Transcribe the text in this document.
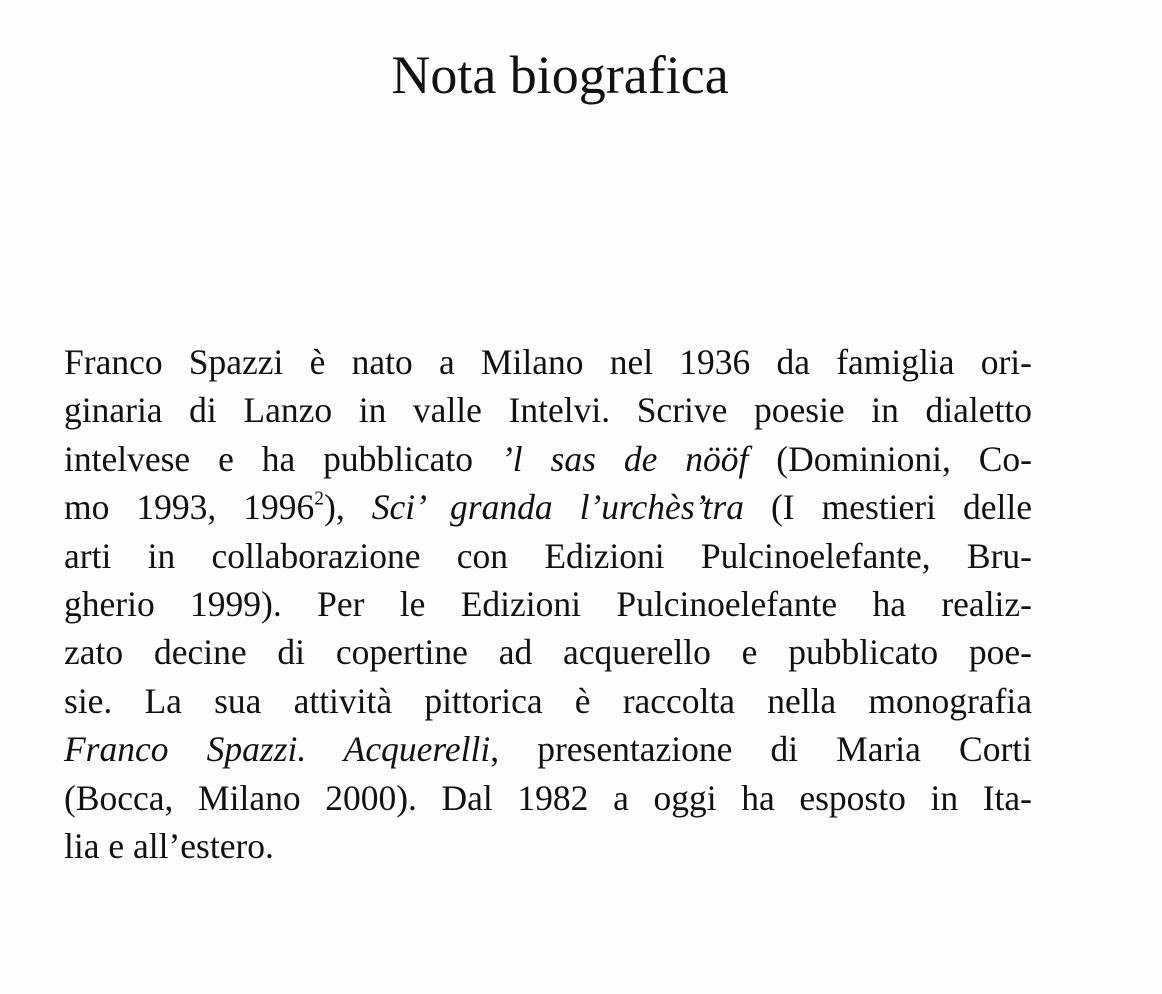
Nota biografica
Franco Spazzi è nato a Milano nel 1936 da famiglia ori-
ginaria di Lanzo in valle Intelvi. Scrive poesie in dialetto
intelvese e ha pubblicato ’l sas de nööf (Dominioni, Co-
mo 1993, 1996$^2$), Sci’ granda l’urchès’tra (I mestieri delle
arti in collaborazione con Edizioni Pulcinoelefante, Bru-
gherio 1999). Per le Edizioni Pulcinoelefante ha realiz-
zato decine di copertine ad acquerello e pubblicato poe-
sie. La sua attività pittorica è raccolta nella monografia
Franco Spazzi. Acquerelli, presentazione di Maria Corti
(Bocca, Milano 2000). Dal 1982 a oggi ha esposto in Ita-
lia e all’estero.
